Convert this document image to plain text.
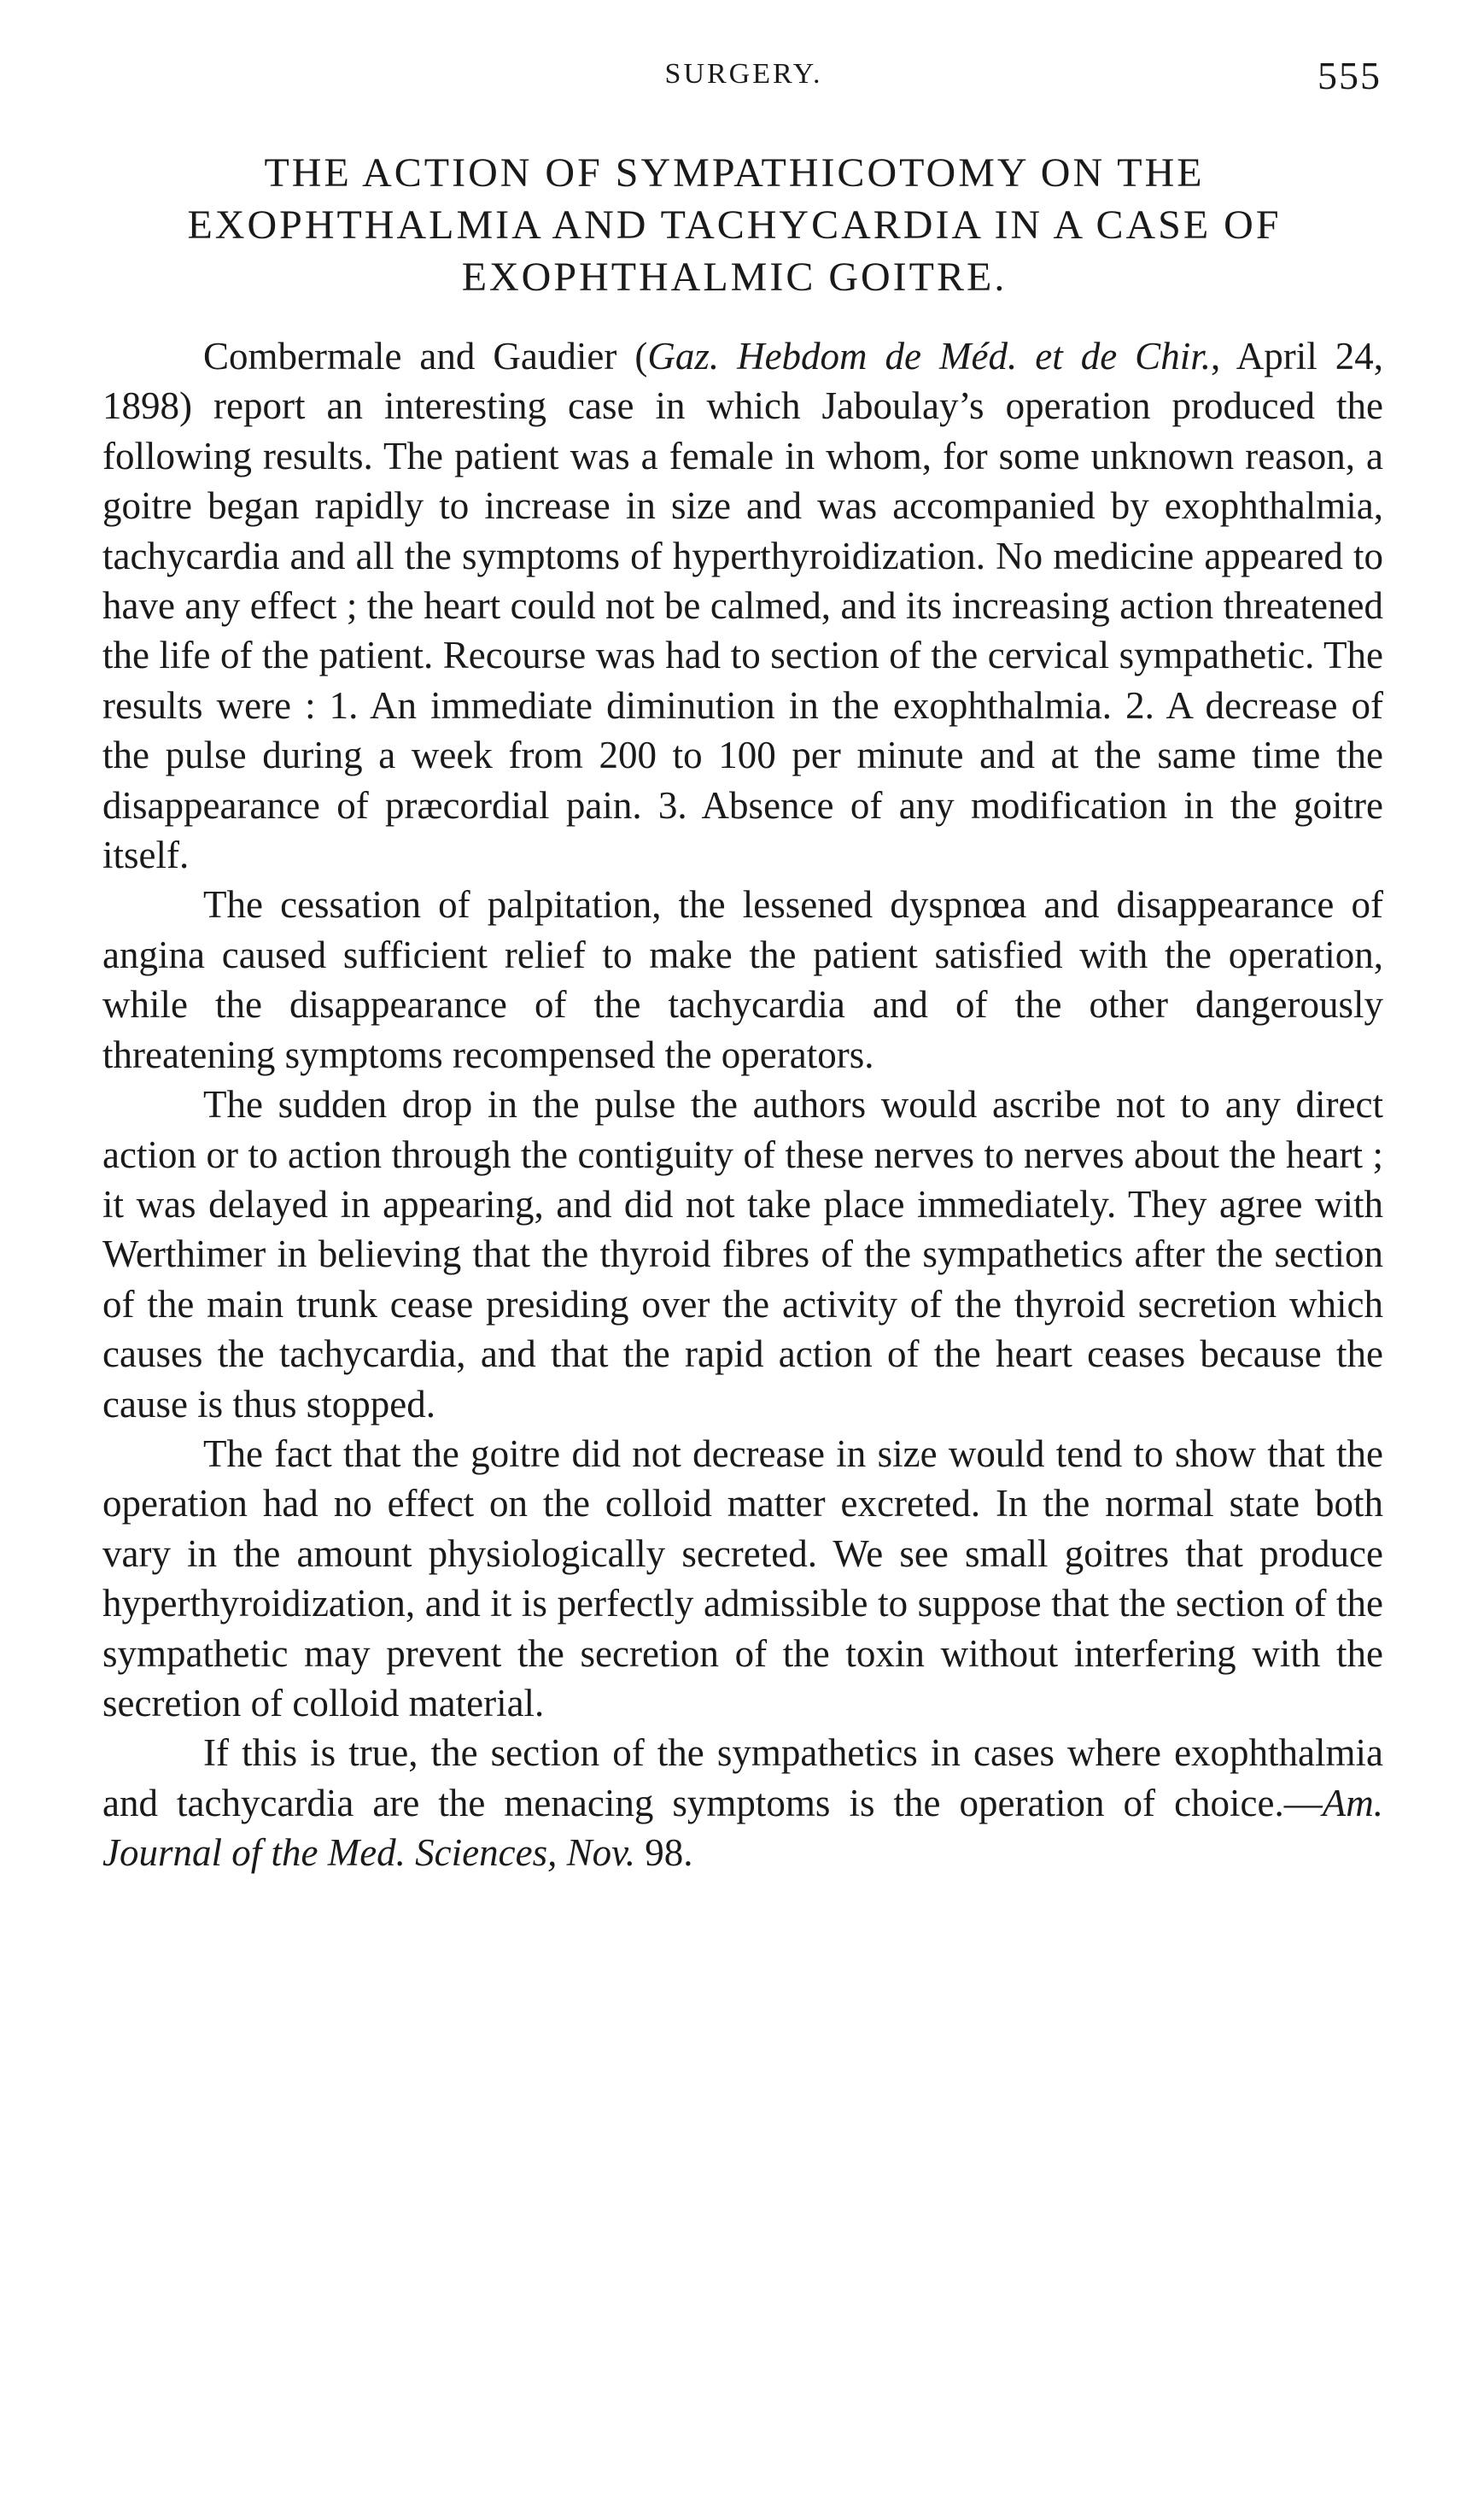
SURGERY.	555
THE ACTION OF SYMPATHICOTOMY ON THE EXOPHTHALMIA AND TACHYCARDIA IN A CASE OF EXOPHTHALMIC GOITRE.

Combermale and Gaudier (Gaz. Hebdom de Méd. et de Chir., April 24, 1898) report an interesting case in which Jaboulay’s operation produced the following results. The patient was a female in whom, for some unknown reason, a goitre began rapidly to increase in size and was accompanied by exophthalmia, tachycardia and all the symptoms of hyperthyroidization. No medicine appeared to have any effect ; the heart could not be calmed, and its increasing action threatened the life of the patient. Recourse was had to section of the cervical sympathetic. The results were : 1. An immediate diminution in the exophthalmia. 2. A decrease of the pulse during a week from 200 to 100 per minute and at the same time the disappearance of præcordial pain. 3. Absence of any modification in the goitre itself.

The cessation of palpitation, the lessened dyspnœa and disappearance of angina caused sufficient relief to make the patient satisfied with the operation, while the disappearance of the tachycardia and of the other dangerously threatening symptoms recompensed the operators.

The sudden drop in the pulse the authors would ascribe not to any direct action or to action through the contiguity of these nerves to nerves about the heart ; it was delayed in appearing, and did not take place immediately. They agree with Werthimer in believing that the thyroid fibres of the sympathetics after the section of the main trunk cease presiding over the activity of the thyroid secretion which causes the tachycardia, and that the rapid action of the heart ceases because the cause is thus stopped.

The fact that the goitre did not decrease in size would tend to show that the operation had no effect on the colloid matter excreted. In the normal state both vary in the amount physiologically secreted. We see small goitres that produce hyperthyroidization, and it is perfectly admissible to suppose that the section of the sympathetic may prevent the secretion of the toxin without interfering with the secretion of colloid material.

If this is true, the section of the sympathetics in cases where exophthalmia and tachycardia are the menacing symptoms is the operation of choice.—Am. Journal of the Med. Sciences, Nov. 98.
